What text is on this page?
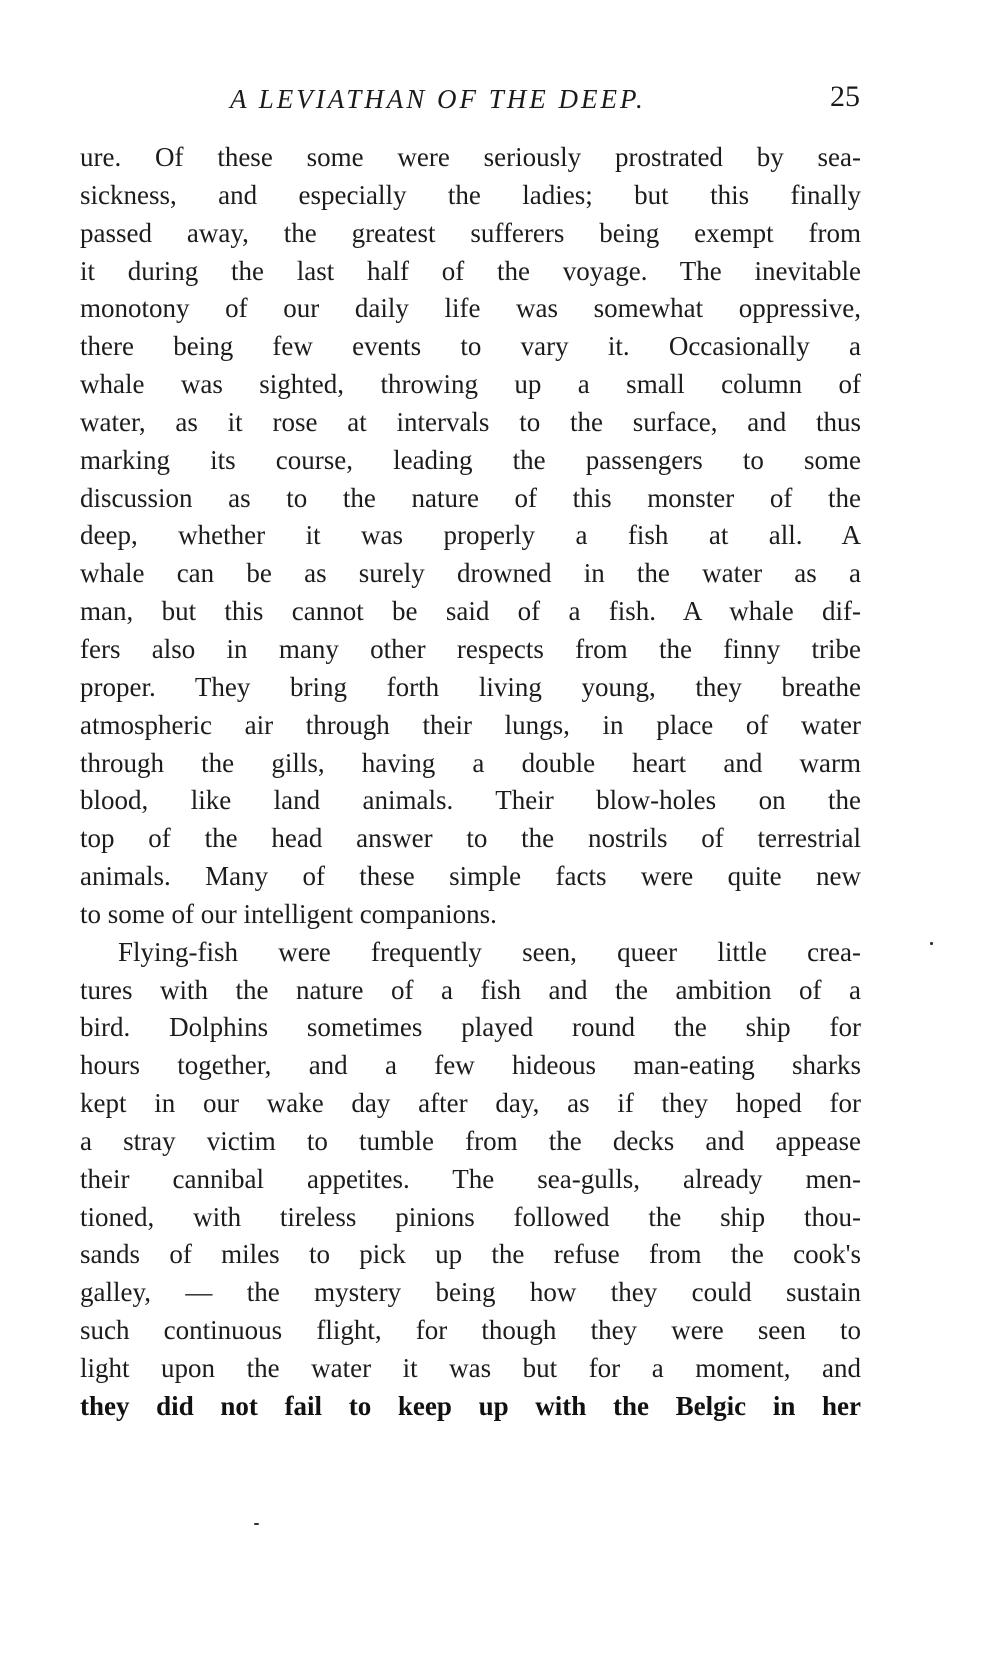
A LEVIATHAN OF THE DEEP.	25
ure. Of these some were seriously prostrated by sea-
sickness, and especially the ladies; but this finally
passed away, the greatest sufferers being exempt from
it during the last half of the voyage. The inevitable
monotony of our daily life was somewhat oppressive,
there being few events to vary it. Occasionally a
whale was sighted, throwing up a small column of
water, as it rose at intervals to the surface, and thus
marking its course, leading the passengers to some
discussion as to the nature of this monster of the
deep, whether it was properly a fish at all. A
whale can be as surely drowned in the water as a
man, but this cannot be said of a fish. A whale dif-
fers also in many other respects from the finny tribe
proper. They bring forth living young, they breathe
atmospheric air through their lungs, in place of water
through the gills, having a double heart and warm
blood, like land animals. Their blow-holes on the
top of the head answer to the nostrils of terrestrial
animals. Many of these simple facts were quite new
to some of our intelligent companions.
Flying-fish were frequently seen, queer little crea-
tures with the nature of a fish and the ambition of a
bird. Dolphins sometimes played round the ship for
hours together, and a few hideous man-eating sharks
kept in our wake day after day, as if they hoped for
a stray victim to tumble from the decks and appease
their cannibal appetites. The sea-gulls, already men-
tioned, with tireless pinions followed the ship thou-
sands of miles to pick up the refuse from the cook's
galley, — the mystery being how they could sustain
such continuous flight, for though they were seen to
light upon the water it was but for a moment, and
they did not fail to keep up with the Belgic in her
